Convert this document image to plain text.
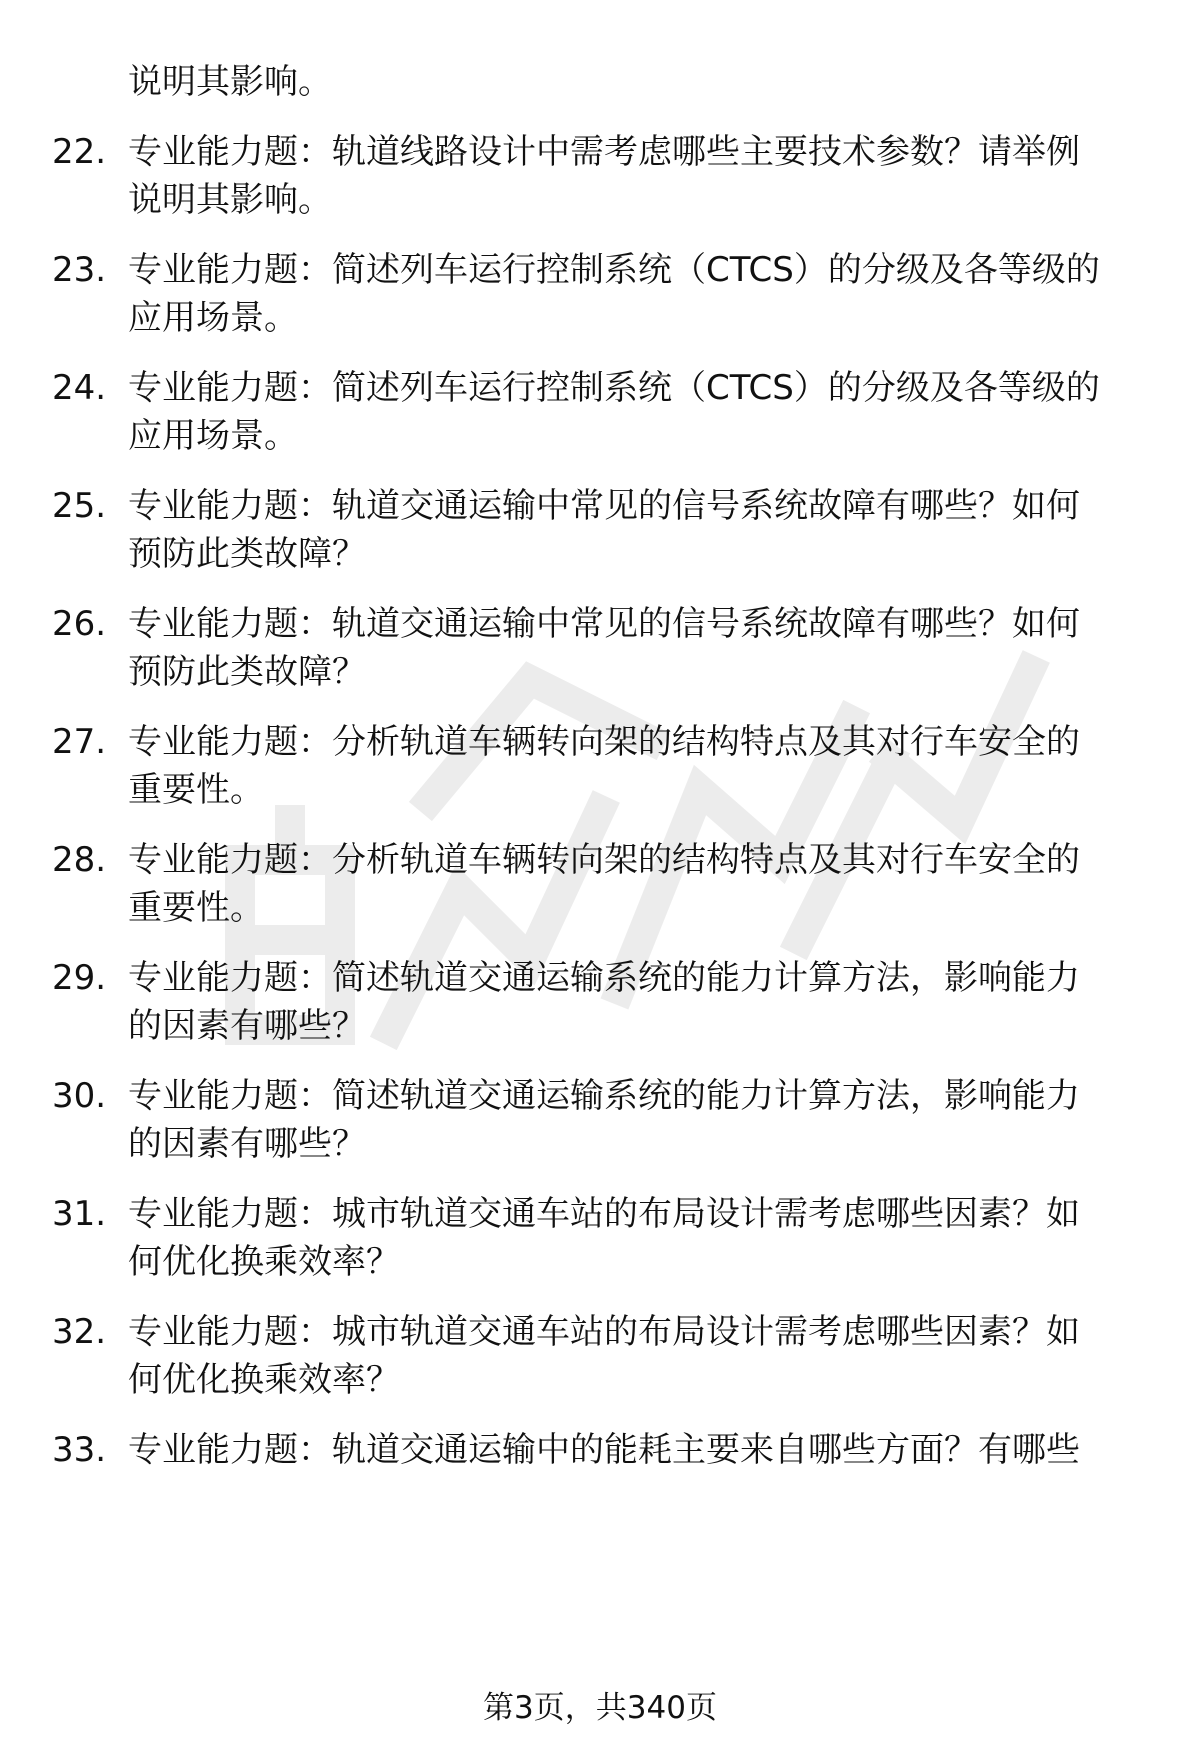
说明其影响。
22. 专业能力题：轨道线路设计中需考虑哪些主要技术参数？请举例
说明其影响。
23. 专业能力题：简述列车运行控制系统（CTCS）的分级及各等级的
应用场景。
24. 专业能力题：简述列车运行控制系统（CTCS）的分级及各等级的
应用场景。
25. 专业能力题：轨道交通运输中常见的信号系统故障有哪些？如何
预防此类故障？
26. 专业能力题：轨道交通运输中常见的信号系统故障有哪些？如何
预防此类故障？
27. 专业能力题：分析轨道车辆转向架的结构特点及其对行车安全的
重要性。
28. 专业能力题：分析轨道车辆转向架的结构特点及其对行车安全的
重要性。
29. 专业能力题：简述轨道交通运输系统的能力计算方法，影响能力
的因素有哪些？
30. 专业能力题：简述轨道交通运输系统的能力计算方法，影响能力
的因素有哪些？
31. 专业能力题：城市轨道交通车站的布局设计需考虑哪些因素？如
何优化换乘效率？
32. 专业能力题：城市轨道交通车站的布局设计需考虑哪些因素？如
何优化换乘效率？
33. 专业能力题：轨道交通运输中的能耗主要来自哪些方面？有哪些
第3页，共340页
